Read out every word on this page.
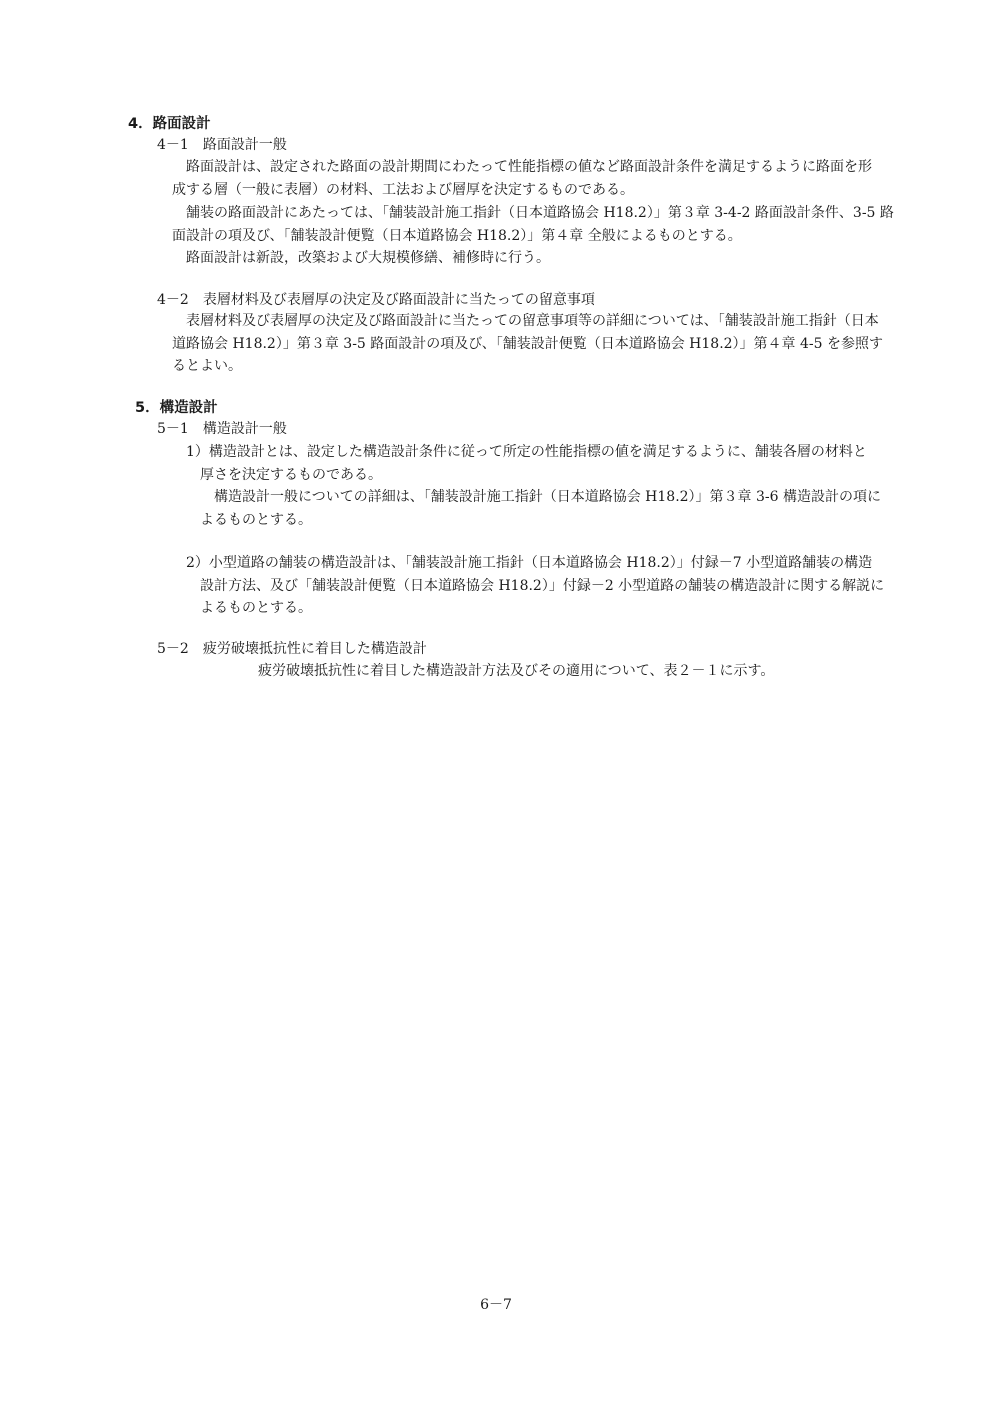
4．路面設計
4－1　路面設計一般
路面設計は、設定された路面の設計期間にわたって性能指標の値など路面設計条件を満足するように路面を形
成する層（一般に表層）の材料、工法および層厚を決定するものである。
舗装の路面設計にあたっては、「舗装設計施工指針（日本道路協会 H18.2）」第３章 3-4-2 路面設計条件、3-5 路
面設計の項及び、「舗装設計便覧（日本道路協会 H18.2）」第４章 全般によるものとする。
路面設計は新設，改築および大規模修繕、補修時に行う。
4－2　表層材料及び表層厚の決定及び路面設計に当たっての留意事項
表層材料及び表層厚の決定及び路面設計に当たっての留意事項等の詳細については、「舗装設計施工指針（日本
道路協会 H18.2）」第３章 3-5 路面設計の項及び、「舗装設計便覧（日本道路協会 H18.2）」第４章 4-5 を参照す
るとよい。
5．構造設計
5－1　構造設計一般
1）構造設計とは、設定した構造設計条件に従って所定の性能指標の値を満足するように、舗装各層の材料と
厚さを決定するものである。
構造設計一般についての詳細は、「舗装設計施工指針（日本道路協会 H18.2）」第３章 3-6 構造設計の項に
よるものとする。
2）小型道路の舗装の構造設計は、「舗装設計施工指針（日本道路協会 H18.2）」付録－7 小型道路舗装の構造
設計方法、及び「舗装設計便覧（日本道路協会 H18.2）」付録－2 小型道路の舗装の構造設計に関する解説に
よるものとする。
5－2　疲労破壊抵抗性に着目した構造設計
疲労破壊抵抗性に着目した構造設計方法及びその適用について、表２－１に示す。
6－7
